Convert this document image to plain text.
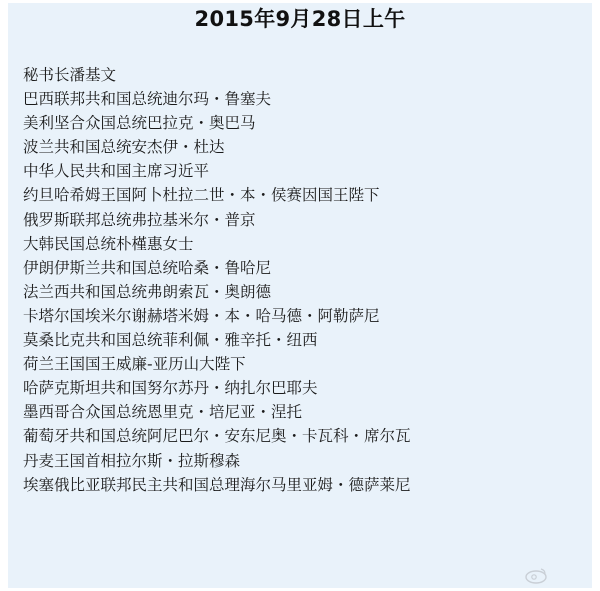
2015年9月28日上午
秘书长潘基文
巴西联邦共和国总统迪尔玛・鲁塞夫
美利坚合众国总统巴拉克・奥巴马
波兰共和国总统安杰伊・杜达
中华人民共和国主席习近平
约旦哈希姆王国阿卜杜拉二世・本・侯赛因国王陛下
俄罗斯联邦总统弗拉基米尔・普京
大韩民国总统朴槿惠女士
伊朗伊斯兰共和国总统哈桑・鲁哈尼
法兰西共和国总统弗朗索瓦・奥朗德
卡塔尔国埃米尔谢赫塔米姆・本・哈马德・阿勒萨尼
莫桑比克共和国总统菲利佩・雅辛托・纽西
荷兰王国国王威廉-亚历山大陛下
哈萨克斯坦共和国努尔苏丹・纳扎尔巴耶夫
墨西哥合众国总统恩里克・培尼亚・涅托
葡萄牙共和国总统阿尼巴尔・安东尼奥・卡瓦科・席尔瓦
丹麦王国首相拉尔斯・拉斯穆森
埃塞俄比亚联邦民主共和国总理海尔马里亚姆・德萨莱尼
